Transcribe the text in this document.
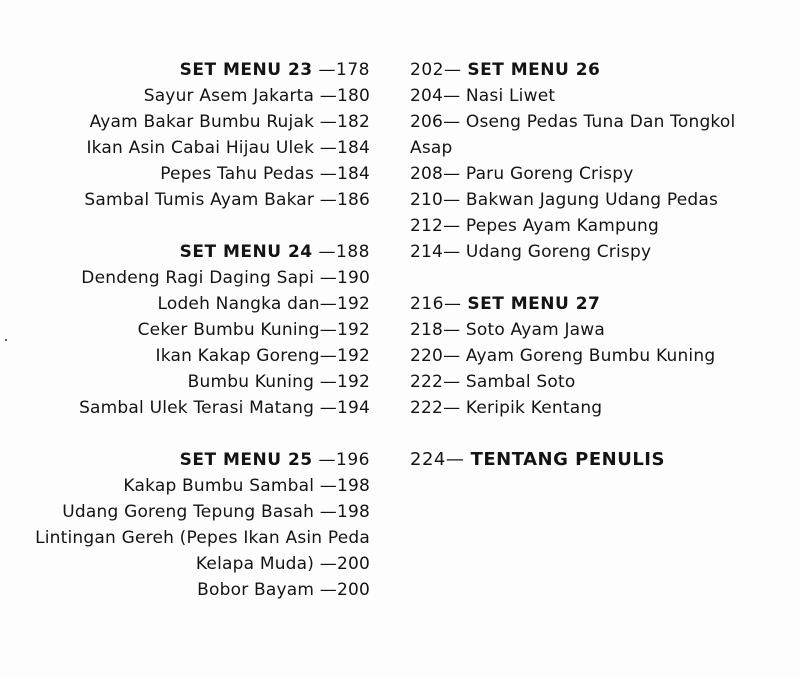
SET MENU 23 —178
Sayur Asem Jakarta —180
Ayam Bakar Bumbu Rujak —182
Ikan Asin Cabai Hijau Ulek —184
Pepes Tahu Pedas —184
Sambal Tumis Ayam Bakar —186
SET MENU 24 —188
Dendeng Ragi Daging Sapi —190
Lodeh Nangka dan—192
Ceker Bumbu Kuning—192
Ikan Kakap Goreng—192
Bumbu Kuning —192
Sambal Ulek Terasi Matang —194
SET MENU 25 —196
Kakap Bumbu Sambal —198
Udang Goreng Tepung Basah —198
Lintingan Gereh (Pepes Ikan Asin Peda
Kelapa Muda) —200
Bobor Bayam —200
202— SET MENU 26
204— Nasi Liwet
206— Oseng Pedas Tuna Dan Tongkol
Asap
208— Paru Goreng Crispy
210— Bakwan Jagung Udang Pedas
212— Pepes Ayam Kampung
214— Udang Goreng Crispy
216— SET MENU 27
218— Soto Ayam Jawa
220— Ayam Goreng Bumbu Kuning
222— Sambal Soto
222— Keripik Kentang
224— TENTANG PENULIS
